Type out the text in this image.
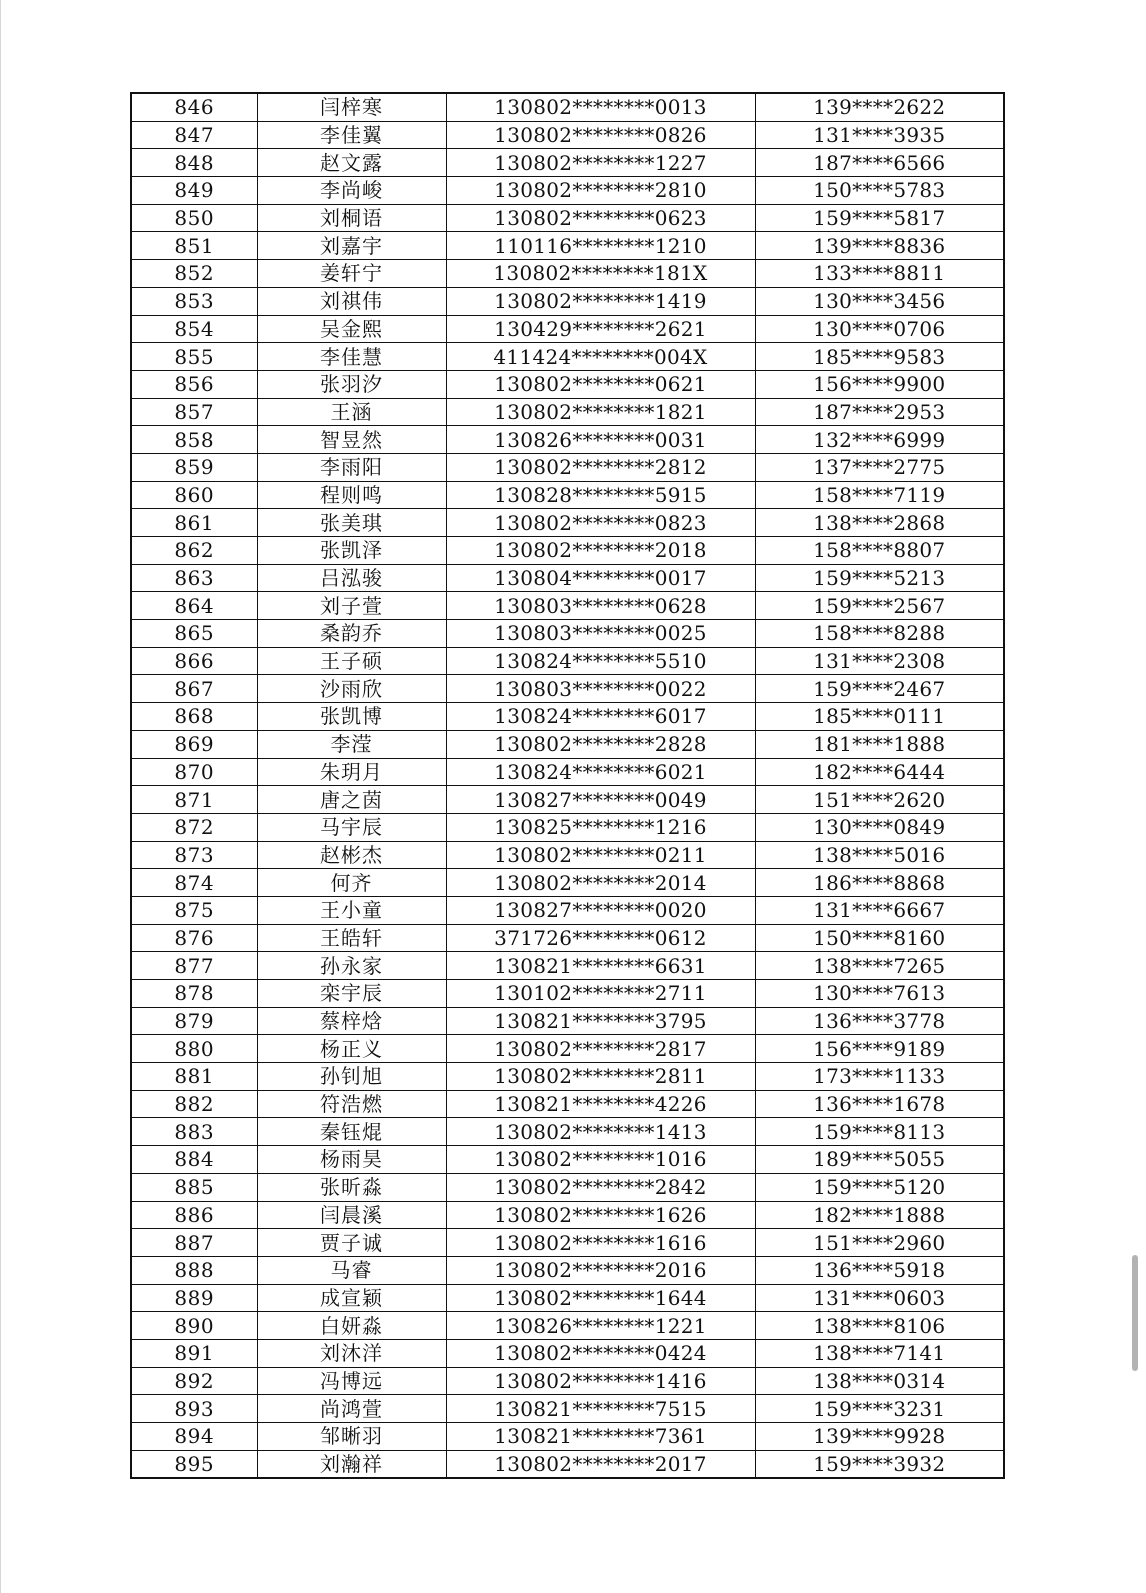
846	闫梓寒	130802********0013	139****2622
847	李佳翼	130802********0826	131****3935
848	赵文露	130802********1227	187****6566
849	李尚峻	130802********2810	150****5783
850	刘桐语	130802********0623	159****5817
851	刘嘉宇	110116********1210	139****8836
852	姜轩宁	130802********181X	133****8811
853	刘祺伟	130802********1419	130****3456
854	吴金熙	130429********2621	130****0706
855	李佳慧	411424********004X	185****9583
856	张羽汐	130802********0621	156****9900
857	王涵	130802********1821	187****2953
858	智昱然	130826********0031	132****6999
859	李雨阳	130802********2812	137****2775
860	程则鸣	130828********5915	158****7119
861	张美琪	130802********0823	138****2868
862	张凯泽	130802********2018	158****8807
863	吕泓骏	130804********0017	159****5213
864	刘子萱	130803********0628	159****2567
865	桑韵乔	130803********0025	158****8288
866	王子硕	130824********5510	131****2308
867	沙雨欣	130803********0022	159****2467
868	张凯博	130824********6017	185****0111
869	李滢	130802********2828	181****1888
870	朱玥月	130824********6021	182****6444
871	唐之茵	130827********0049	151****2620
872	马宇辰	130825********1216	130****0849
873	赵彬杰	130802********0211	138****5016
874	何齐	130802********2014	186****8868
875	王小童	130827********0020	131****6667
876	王皓轩	371726********0612	150****8160
877	孙永家	130821********6631	138****7265
878	栾宇辰	130102********2711	130****7613
879	蔡梓焓	130821********3795	136****3778
880	杨正义	130802********2817	156****9189
881	孙钊旭	130802********2811	173****1133
882	符浩燃	130821********4226	136****1678
883	秦钰焜	130802********1413	159****8113
884	杨雨昊	130802********1016	189****5055
885	张昕淼	130802********2842	159****5120
886	闫晨溪	130802********1626	182****1888
887	贾子诚	130802********1616	151****2960
888	马睿	130802********2016	136****5918
889	成宣颖	130802********1644	131****0603
890	白妍淼	130826********1221	138****8106
891	刘沐洋	130802********0424	138****7141
892	冯博远	130802********1416	138****0314
893	尚鸿萱	130821********7515	159****3231
894	邹晰羽	130821********7361	139****9928
895	刘瀚祥	130802********2017	159****3932
